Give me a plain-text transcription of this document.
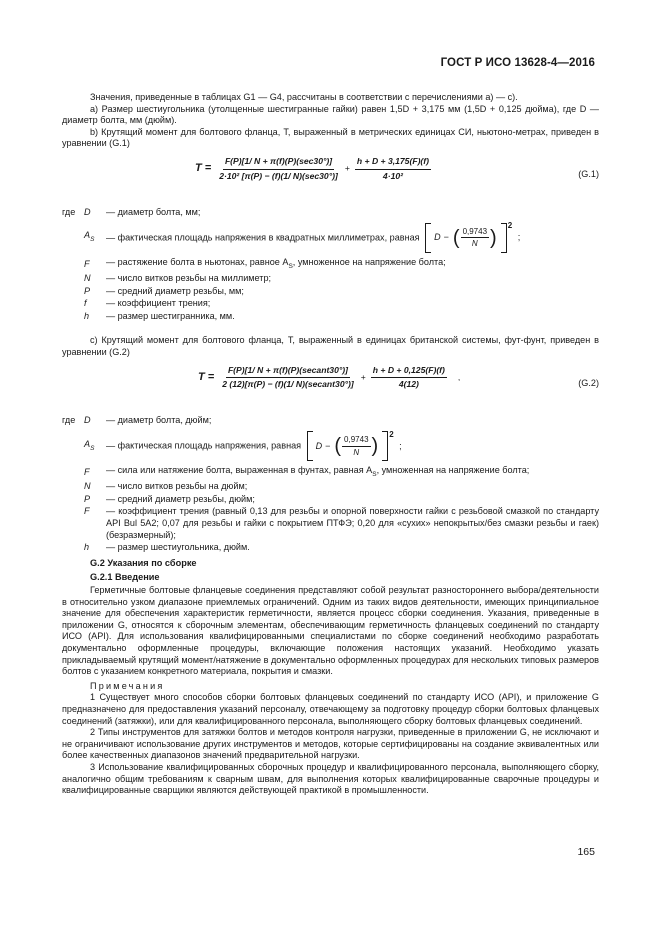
ГОСТ Р ИСО 13628-4—2016

Значения, приведенные в таблицах G1 — G4, рассчитаны в соответствии с перечислениями а) — с).

а) Размер шестиугольника (утолщенные шестигранные гайки) равен 1,5D + 3,175 мм (1,5D + 0,125 дюйма), где D — диаметр болта, мм (дюйм).

b) Крутящий момент для болтового фланца, Т, выраженный в метрических единицах СИ, ньютоно-метрах, приведен в уравнении (G.1)

$T = \frac{F(P)[1/ N + \pi(f)(P)(\sec 30^\circ)]}{\text{2·10² [π(P) − (f)(1/ N)(sec30°)]}} + \frac{h + D + 3,175(F)(f)}{\text{4·10²}}$	(G.1)
где D	— диаметр болта, мм;
$A_S$	— фактическая площадь напряжения в квадратных миллиметрах, равная D − ( 0,9743
N )
2
;
F	— растяжение болта в ньютонах, равное $A_S$, умноженное на напряжение болта;
N	— число витков резьбы на миллиметр;
P	— средний диаметр резьбы, мм;
f	— коэффициент трения;
h	— размер шестигранника, мм.

c) Крутящий момент для болтового фланца, Т, выраженный в единицах британской системы, фут-фунт, приведен в уравнении (G.2)

$T = \frac{\text{F(P)[1/ N + π(f)(P)(secant30°)]}}{\text{2 (12)[π(P) − (f)(1/ N)(secant30°)]}} + \frac{h + D + 0,125(F)(f)}{4(12)}$ ,
(G.2)
где D	— диаметр болта, дюйм;
$A_S$	— фактическая площадь напряжения, равная D − ( 0,9743
N )
2
;
F	— сила или натяжение болта, выраженная в фунтах, равная $A_S$, умноженная на напряжение болта;
N	— число витков резьбы на дюйм;
P	— средний диаметр резьбы, дюйм;
F	— коэффициент трения (равный 0,13 для резьбы и опорной поверхности гайки с резьбовой смазкой по стандарту API Bul 5A2; 0,07 для резьбы и гайки с покрытием ПТФЭ; 0,20 для «сухих» непокрытых/без смазки резьбы и гаек) (безразмерный);
h	— размер шестиугольника, дюйм.
G.2 Указания по сборке
G.2.1 Введение

Герметичные болтовые фланцевые соединения представляют собой результат разностороннего выбора/деятельности в относительно узком диапазоне приемлемых ограничений. Одним из таких видов деятельности, имеющих принципиальное значение для обеспечения характеристик герметичности, является процесс сборки соединения. Указания, приведенные в приложении G, относятся к сборочным элементам, обеспечивающим герметичность фланцевых соединений по стандарту ИСО (API). Для использования квалифицированными специалистами по сборке соединений необходимо разработать документально оформленные процедуры, включающие положения настоящих указаний. Необходимо указать прикладываемый крутящий момент/натяжение в документально оформленных процедурах для нескольких типовых размеров болтов с указанием конкретного материала, покрытия и смазки.

Примечания

1 Существует много способов сборки болтовых фланцевых соединений по стандарту ИСО (API), и приложение G предназначено для предоставления указаний персоналу, отвечающему за подготовку процедур сборки болтовых фланцевых соединений (затяжки), или для квалифицированного персонала, выполняющего сборку болтовых фланцевых соединений.

2 Типы инструментов для затяжки болтов и методов контроля нагрузки, приведенные в приложении G, не исключают и не ограничивают использование других инструментов и методов, которые сертифицированы на создание эквивалентных или более качественных диапазонов значений предварительной нагрузки.

3 Использование квалифицированных сборочных процедур и квалифицированного персонала, выполняющего сборку, аналогично общим требованиям к сварным швам, для выполнения которых квалифицированные сварочные процедуры и квалифицированные сварщики являются действующей практикой в промышленности.

165
